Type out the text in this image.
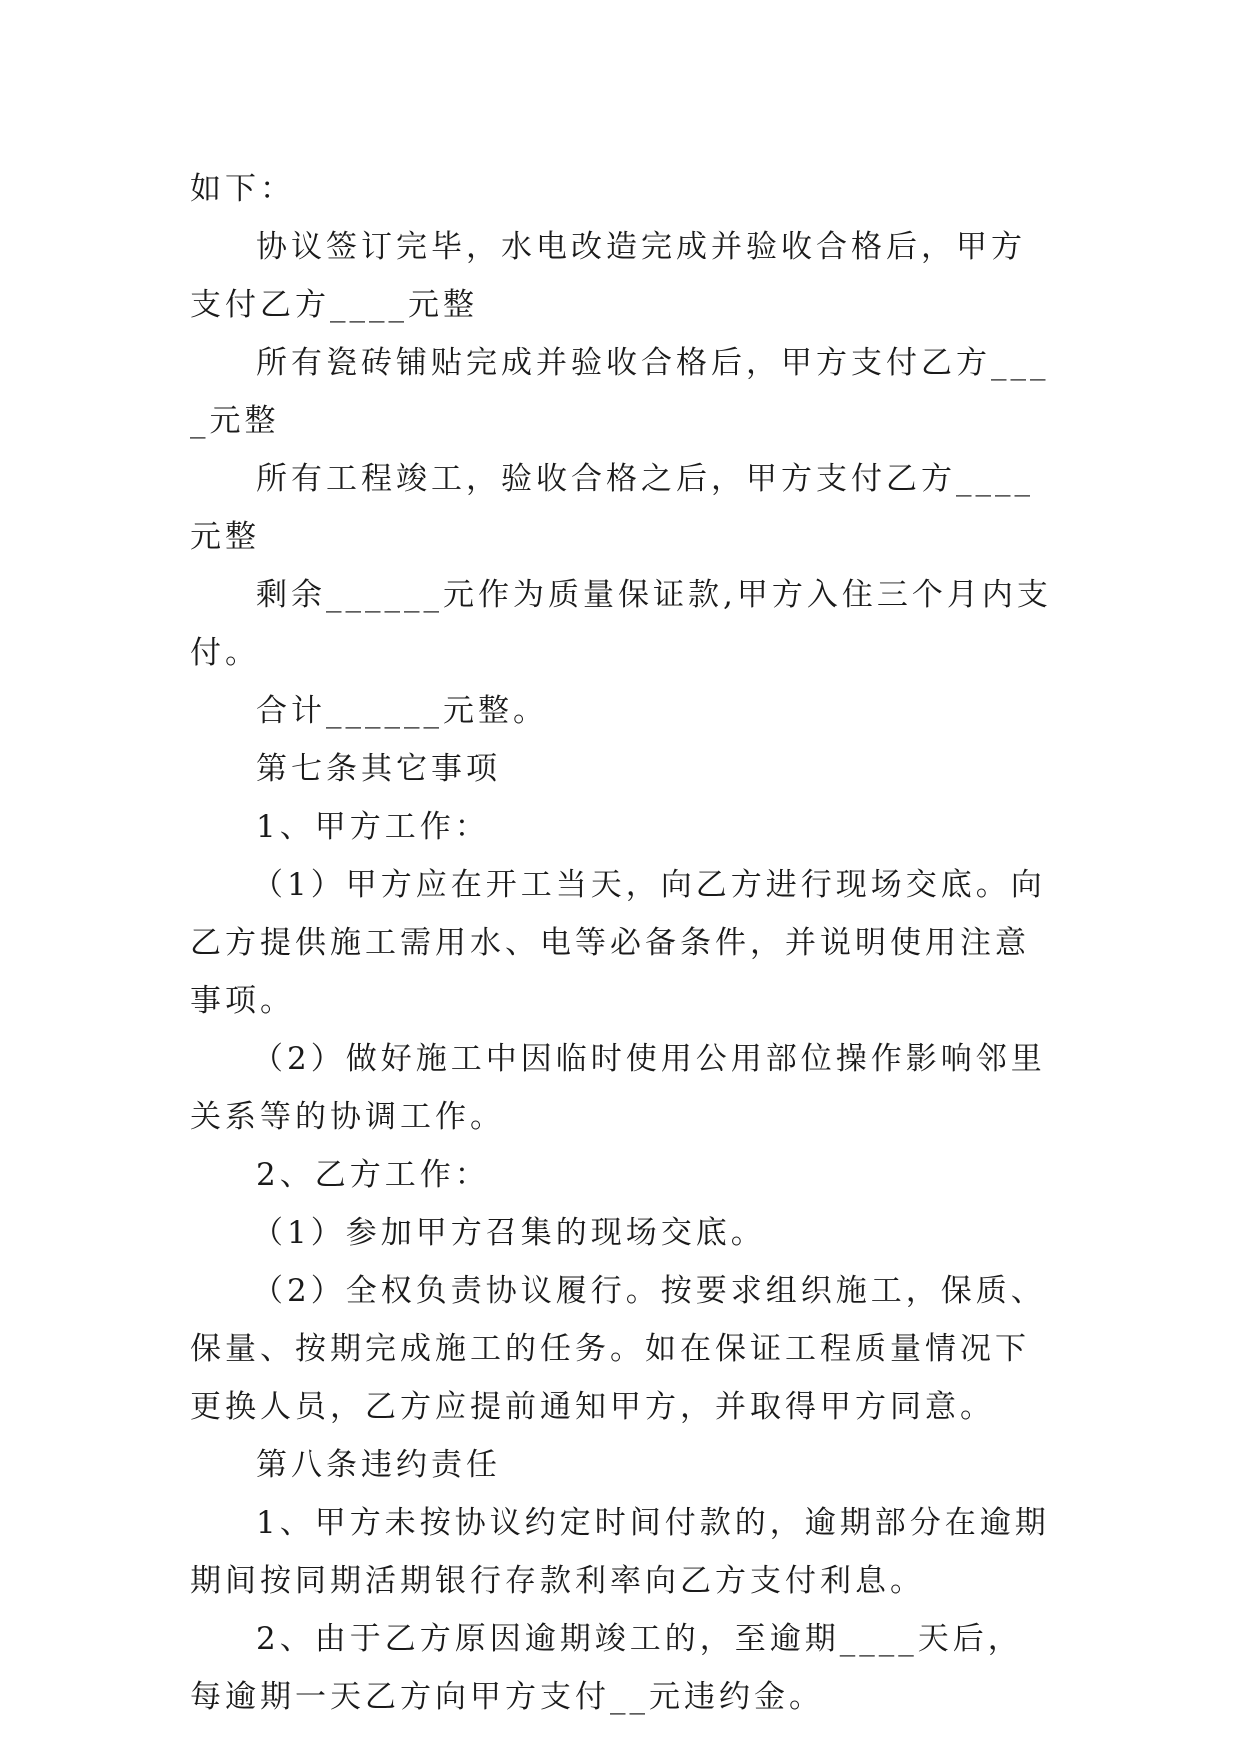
如下：

协议签订完毕，水电改造完成并验收合格后，甲方支付乙方____元整

所有瓷砖铺贴完成并验收合格后，甲方支付乙方____元整

所有工程竣工，验收合格之后，甲方支付乙方____元整

剩余______元作为质量保证款,甲方入住三个月内支付。

合计______元整。

第七条其它事项

1、甲方工作：

（1）甲方应在开工当天，向乙方进行现场交底。向乙方提供施工需用水、电等必备条件，并说明使用注意事项。

（2）做好施工中因临时使用公用部位操作影响邻里关系等的协调工作。

2、乙方工作：

（1）参加甲方召集的现场交底。

（2）全权负责协议履行。按要求组织施工，保质、保量、按期完成施工的任务。如在保证工程质量情况下更换人员，乙方应提前通知甲方，并取得甲方同意。

第八条违约责任

1、甲方未按协议约定时间付款的，逾期部分在逾期期间按同期活期银行存款利率向乙方支付利息。

2、由于乙方原因逾期竣工的，至逾期____天后，每逾期一天乙方向甲方支付__元违约金。
